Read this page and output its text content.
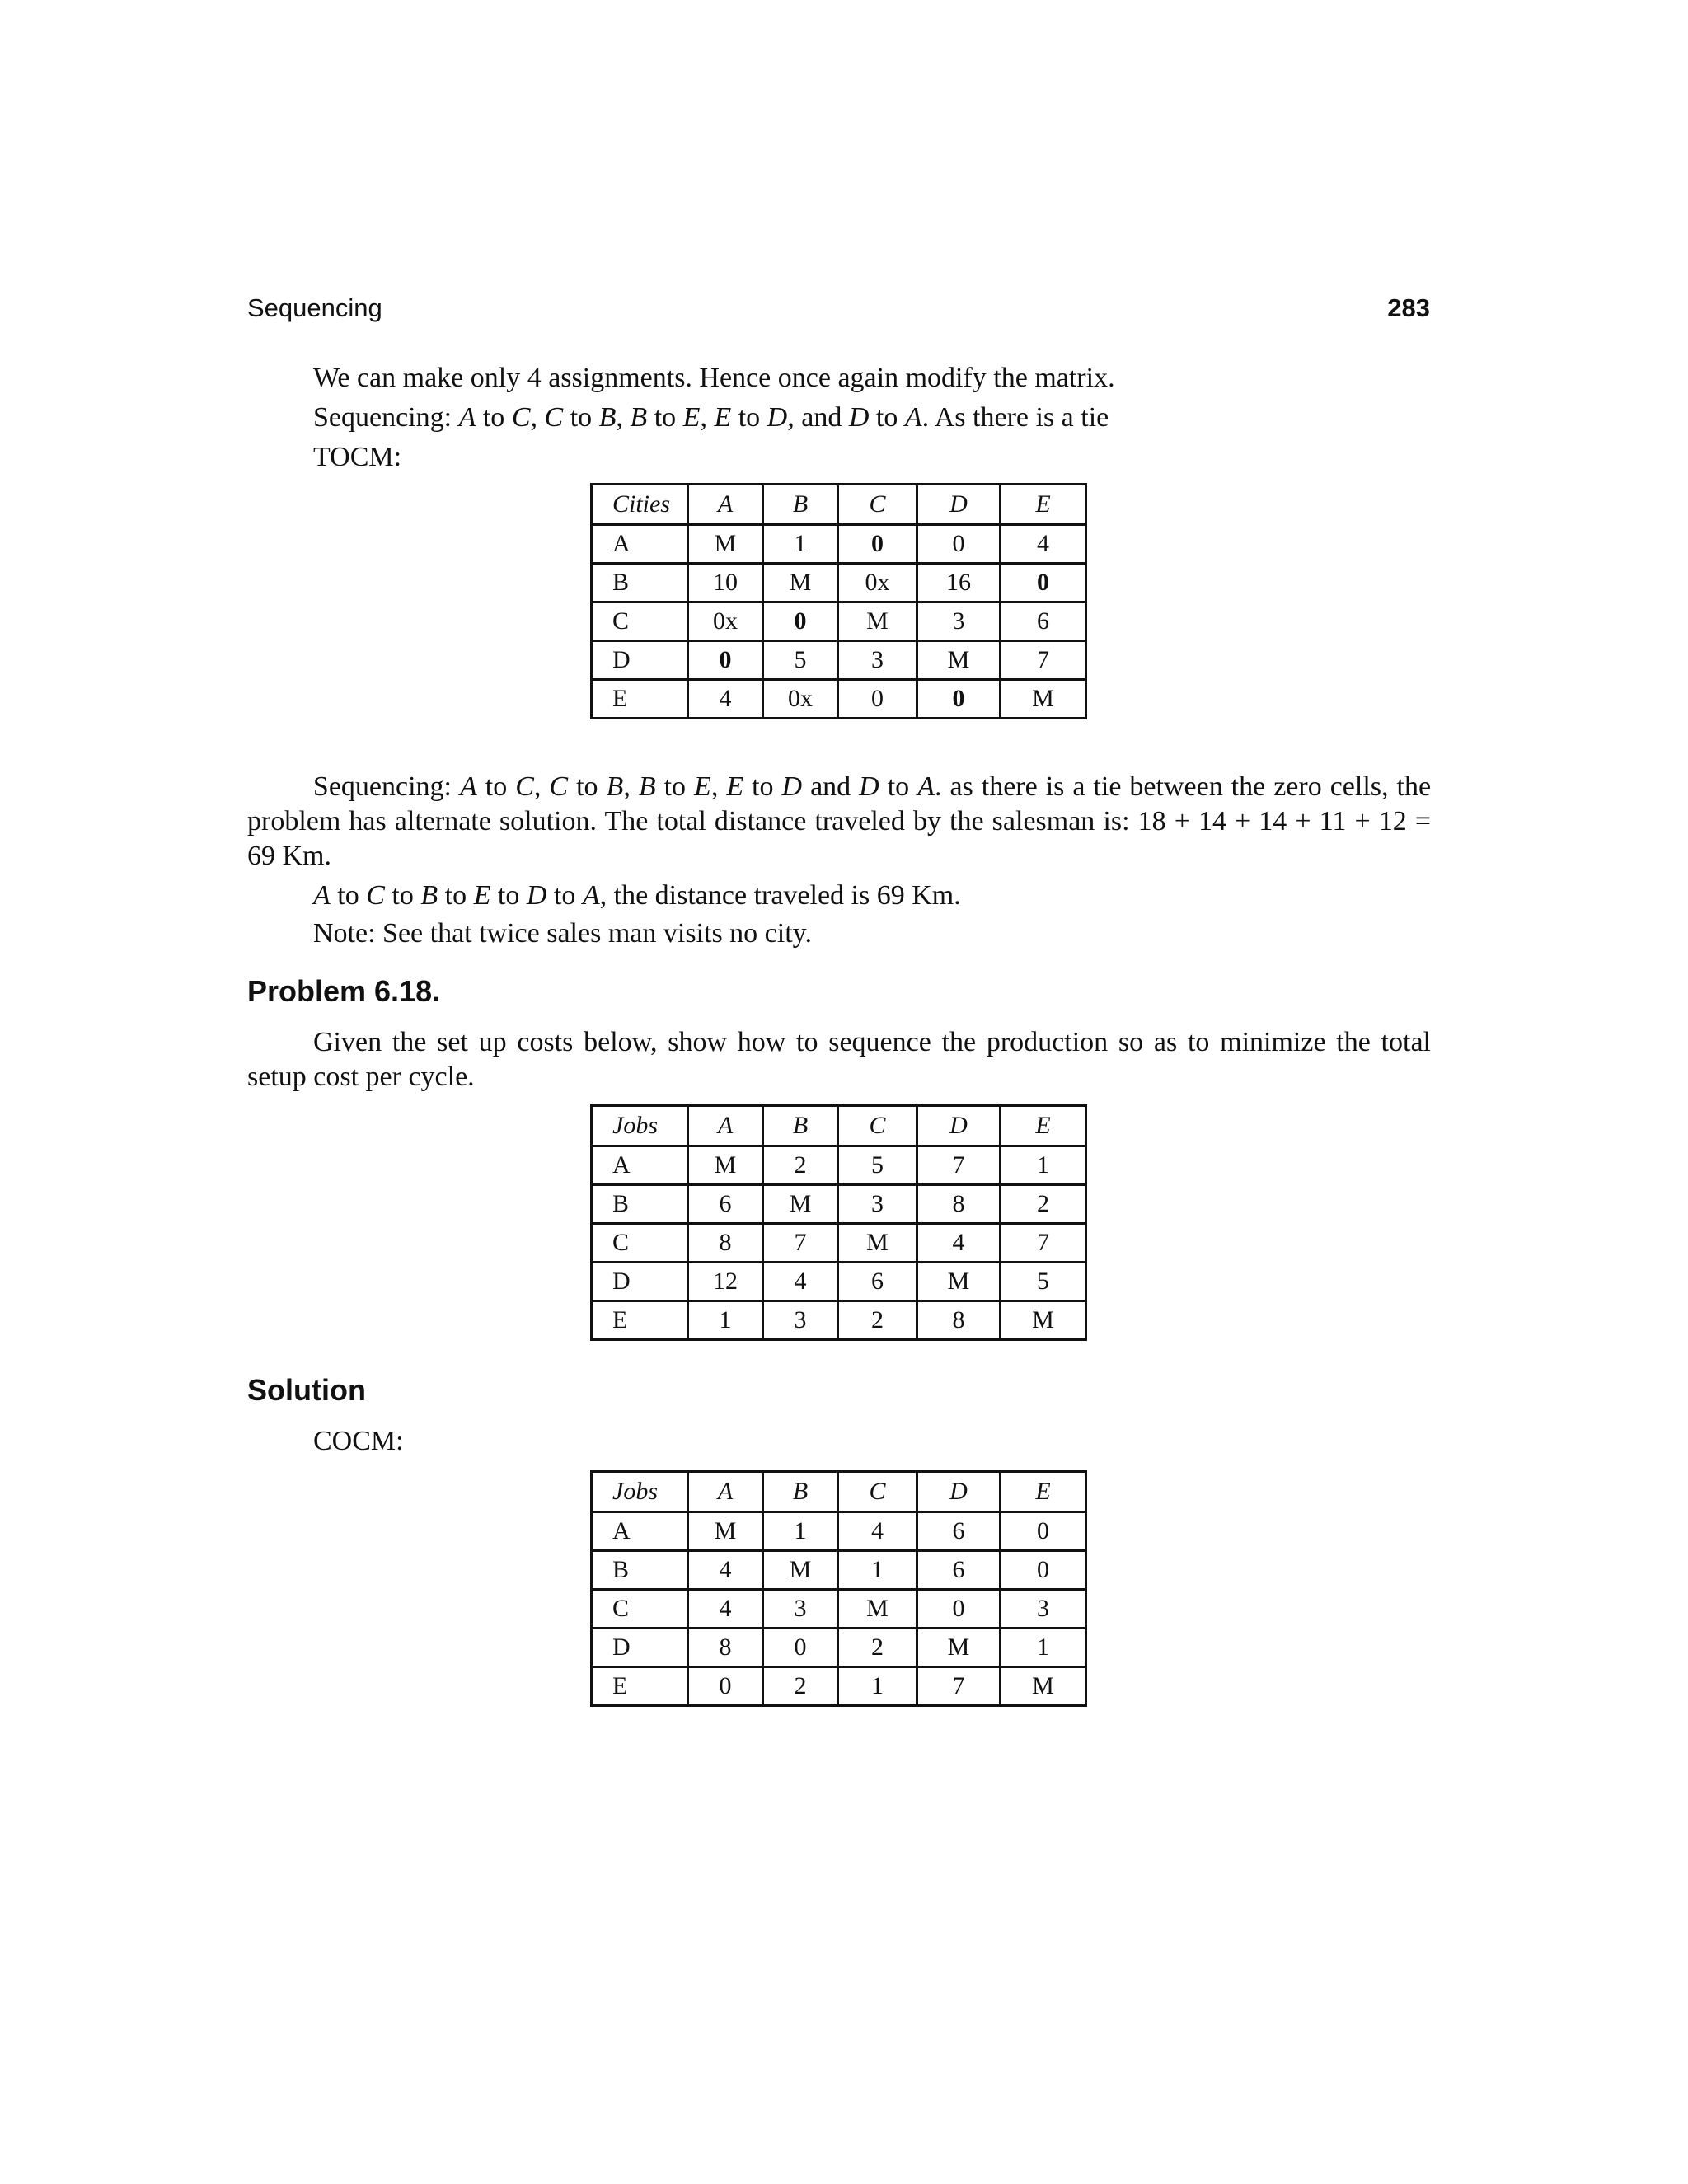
Sequencing	283
We can make only 4 assignments. Hence once again modify the matrix.
Sequencing: A to C, C to B, B to E, E to D, and D to A. As there is a tie
TOCM:
Cities	A	B	C	D	E
A	M	1	0	0	4
B	10	M	0x	16	0
C	0x	0	M	3	6
D	0	5	3	M	7
E	4	0x	0	0	M
Sequencing: A to C, C to B, B to E, E to D and D to A. as there is a tie between the zero cells, the problem has alternate solution. The total distance traveled by the salesman is: 18 + 14 + 14 + 11 + 12 = 69 Km.
A to C to B to E to D to A, the distance traveled is 69 Km.
Note: See that twice sales man visits no city.
Problem 6.18.
Given the set up costs below, show how to sequence the production so as to minimize the total setup cost per cycle.
Jobs	A	B	C	D	E
A	M	2	5	7	1
B	6	M	3	8	2
C	8	7	M	4	7
D	12	4	6	M	5
E	1	3	2	8	M
Solution
COCM:
Jobs	A	B	C	D	E
A	M	1	4	6	0
B	4	M	1	6	0
C	4	3	M	0	3
D	8	0	2	M	1
E	0	2	1	7	M
